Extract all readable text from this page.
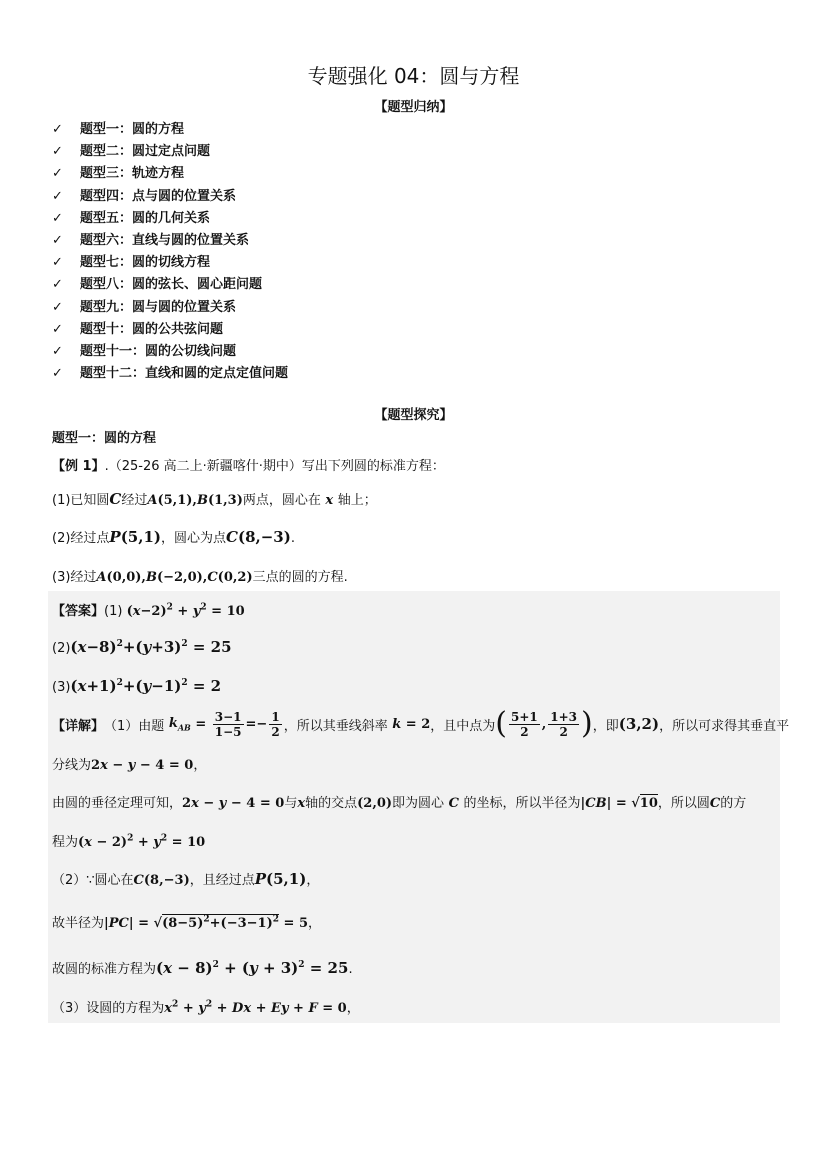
专题强化 04：圆与方程
【题型归纳】
✓ 题型一：圆的方程
✓ 题型二：圆过定点问题
✓ 题型三：轨迹方程
✓ 题型四：点与圆的位置关系
✓ 题型五：圆的几何关系
✓ 题型六：直线与圆的位置关系
✓ 题型七：圆的切线方程
✓ 题型八：圆的弦长、圆心距问题
✓ 题型九：圆与圆的位置关系
✓ 题型十：圆的公共弦问题
✓ 题型十一：圆的公切线问题
✓ 题型十二：直线和圆的定点定值问题
【题型探究】
题型一：圆的方程
【例 1】.（25-26 高二上·新疆喀什·期中）写出下列圆的标准方程：
(1)已知圆C经过A(5,1),B(1,3)两点，圆心在 x 轴上；
(2)经过点P(5,1)，圆心为点C(8,−3).
(3)经过A(0,0),B(−2,0),C(0,2)三点的圆的方程.
【答案】(1) $(x-2)^2 + y^2 = 10$
$(2)(x-8)^2+(y+3)^2 = 25$
$(3)(x+1)^2+(y-1)^2 = 2$
【详解】 （1）由题 $k_{AB} = \frac{3-1}{1-5} =- \frac{1}{2}$ ，所以其垂线斜率 k = 2 ，且中点为 ( $\frac{5+1}{2}$ , $\frac{1+3}{2}$ ) ，即 (3,2) ，所以可求得其垂直平
分线为2x − y − 4 = 0，
由圆的垂径定理可知，2x − y − 4 = 0与x轴的交点(2,0)即为圆心 C 的坐标，所以半径为|CB| = √10，所以圆C的方
程为$(x - 2)^2 + y^2 = 10$
（2）∵圆心在C(8,−3)，且经过点P(5,1)，
故半径为$|PC| = √(8-5)^2+(-3-1)^2 = 5$，
故圆的标准方程为$(x - 8)^2 + (y + 3)^2 = 25$.
（3）设圆的方程为$x^2 + y^2 + Dx + Ey + F = 0$，
